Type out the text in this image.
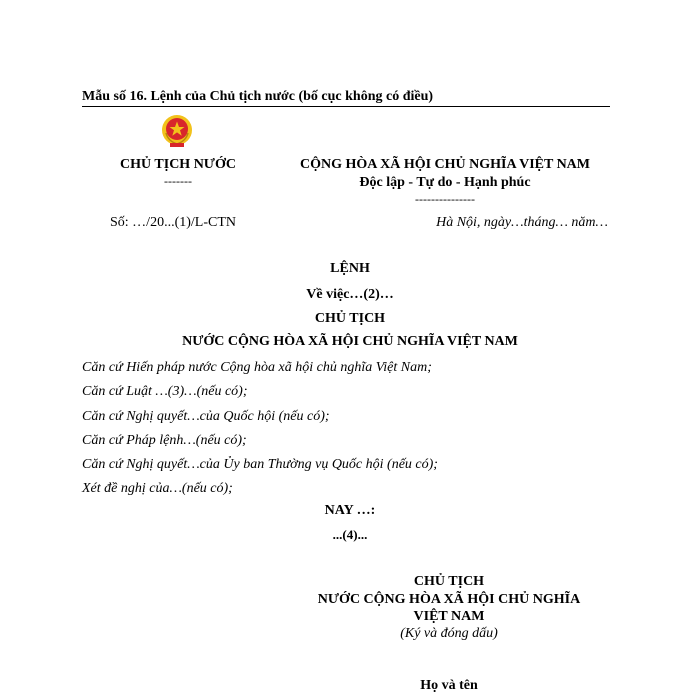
Mẫu số 16. Lệnh của Chủ tịch nước (bố cục không có điều)
CHỦ TỊCH NƯỚC
-------
CỘNG HÒA XÃ HỘI CHỦ NGHĨA VIỆT NAM
Độc lập - Tự do - Hạnh phúc
---------------
Số: …/20...(1)/L-CTN	Hà Nội, ngày…tháng… năm…
LỆNH
Về việc…(2)…
CHỦ TỊCH
NƯỚC CỘNG HÒA XÃ HỘI CHỦ NGHĨA VIỆT NAM
Căn cứ Hiến pháp nước Cộng hòa xã hội chủ nghĩa Việt Nam;
Căn cứ Luật …(3)…(nếu có);
Căn cứ Nghị quyết…của Quốc hội (nếu có);
Căn cứ Pháp lệnh…(nếu có);
Căn cứ Nghị quyết…của Ủy ban Thường vụ Quốc hội (nếu có);
Xét đề nghị của…(nếu có);
NAY …:
...(4)...
CHỦ TỊCH
NƯỚC CỘNG HÒA XÃ HỘI CHỦ NGHĨA
VIỆT NAM
(Ký và đóng dấu)
Họ và tên
